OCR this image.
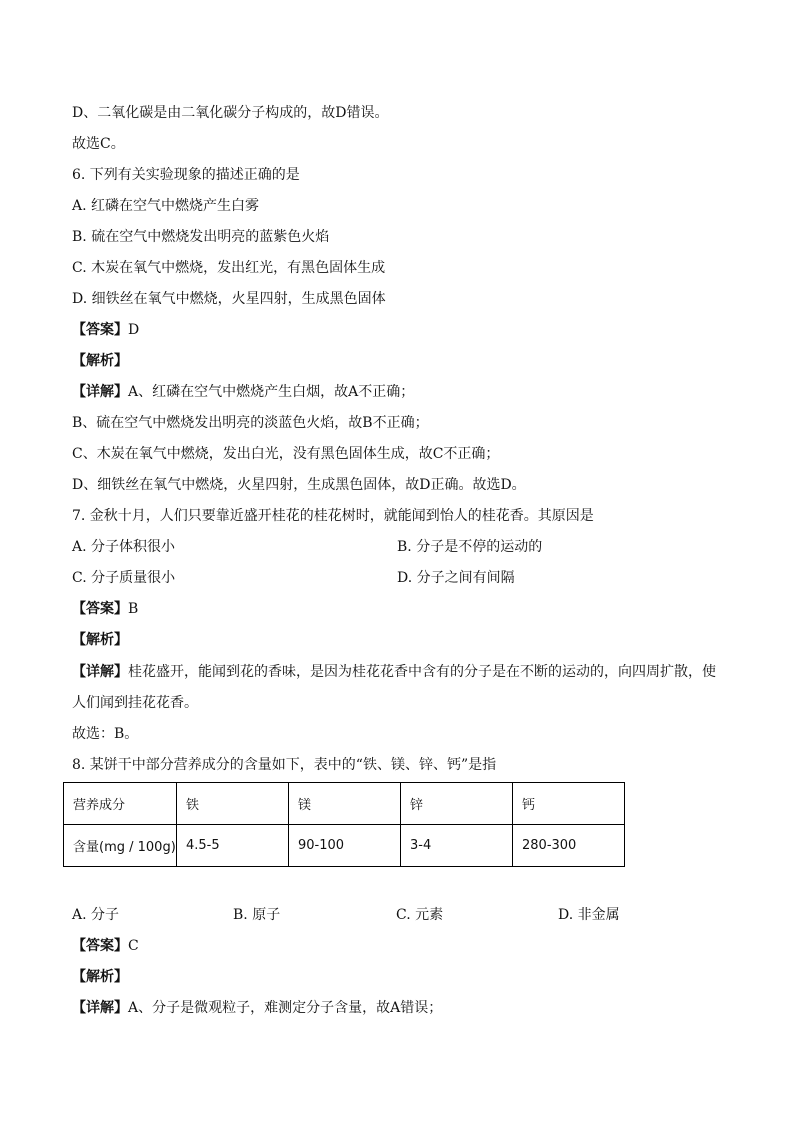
D、二氧化碳是由二氧化碳分子构成的，故D错误。
故选C。
6. 下列有关实验现象的描述正确的是
A. 红磷在空气中燃烧产生白雾
B. 硫在空气中燃烧发出明亮的蓝紫色火焰
C. 木炭在氧气中燃烧，发出红光，有黑色固体生成
D. 细铁丝在氧气中燃烧，火星四射，生成黑色固体
【答案】D
【解析】
【详解】A、红磷在空气中燃烧产生白烟，故A不正确；
B、硫在空气中燃烧发出明亮的淡蓝色火焰，故B不正确；
C、木炭在氧气中燃烧，发出白光，没有黑色固体生成，故C不正确；
D、细铁丝在氧气中燃烧，火星四射，生成黑色固体，故D正确。故选D。
7. 金秋十月，人们只要靠近盛开桂花的桂花树时，就能闻到怡人的桂花香。其原因是
A. 分子体积很小	B. 分子是不停的运动的
C. 分子质量很小	D. 分子之间有间隔
【答案】B
【解析】
【详解】桂花盛开，能闻到花的香味，是因为桂花花香中含有的分子是在不断的运动的，向四周扩散，使
人们闻到挂花花香。
故选：B。
8. 某饼干中部分营养成分的含量如下，表中的“铁、镁、锌、钙”是指
营养成分	铁	镁	锌	钙
含量(mg / 100g)	4.5-5	90-100	3-4	280-300
A. 分子	B. 原子	C. 元素	D. 非金属
【答案】C
【解析】
【详解】A、分子是微观粒子，难测定分子含量，故A错误；
